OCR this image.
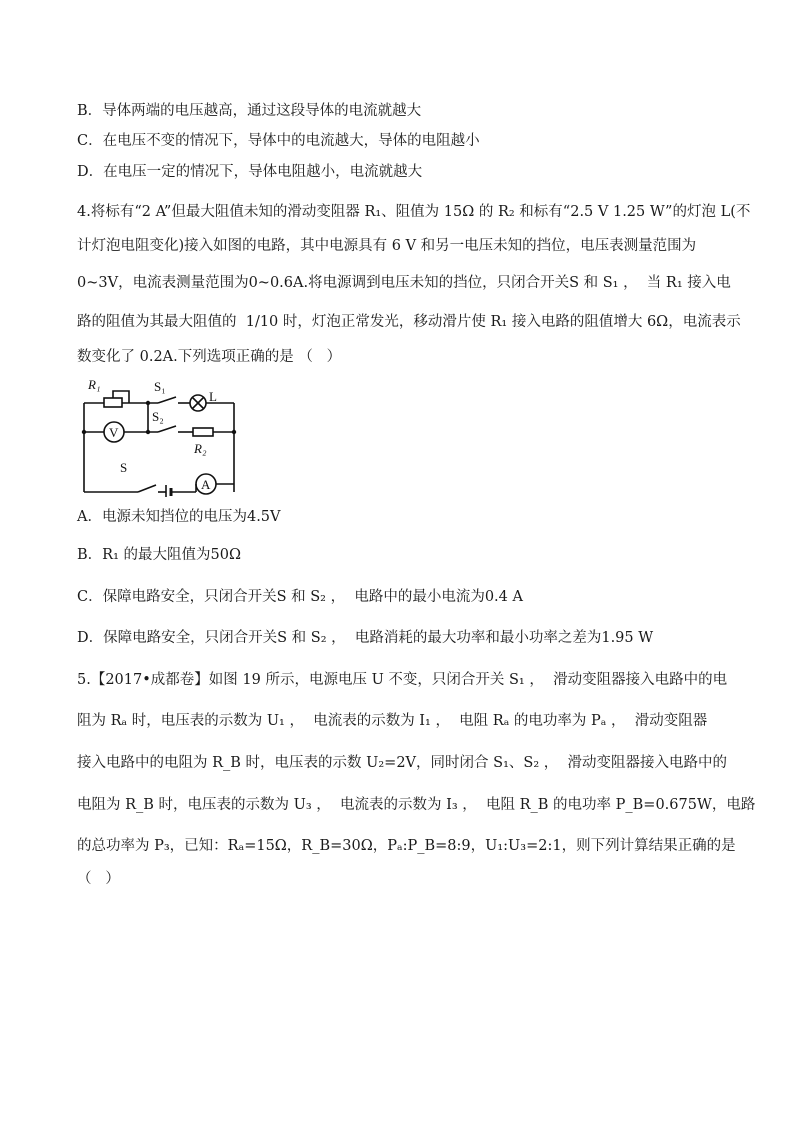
B．导体两端的电压越高，通过这段导体的电流就越大
C．在电压不变的情况下，导体中的电流越大，导体的电阻越小
D．在电压一定的情况下，导体电阻越小，电流就越大
4.将标有“2 A”但最大阻值未知的滑动变阻器 R₁、阻值为 15Ω 的 R₂ 和标有“2.5 V 1.25 W”的灯泡 L(不
计灯泡电阻变化)接入如图的电路，其中电源具有 6 V 和另一电压未知的挡位，电压表测量范围为
0~3V，电流表测量范围为0~0.6A.将电源调到电压未知的挡位，只闭合开关S 和 S₁ ，  当 R₁ 接入电
路的阻值为其最大阻值的  1/10 时，灯泡正常发光，移动滑片使 R₁ 接入电路的阻值增大 6Ω，电流表示
数变化了 0.2A.下列选项正确的是 （   ）
R₁	S₁
S₂
L
V
R₂
S
A
A．电源未知挡位的电压为4.5V
B．R₁ 的最大阻值为50Ω
C．保障电路安全，只闭合开关S 和 S₂ ，  电路中的最小电流为0.4 A
D．保障电路安全，只闭合开关S 和 S₂ ，  电路消耗的最大功率和最小功率之差为1.95 W
5.【2017•成都卷】如图 19 所示，电源电压 U 不变，只闭合开关 S₁ ，  滑动变阻器接入电路中的电
阻为 Rₐ 时，电压表的示数为 U₁ ，  电流表的示数为 I₁ ，  电阻 Rₐ 的电功率为 Pₐ ，  滑动变阻器
接入电路中的电阻为 R_B 时，电压表的示数 U₂=2V，同时闭合 S₁、S₂ ，  滑动变阻器接入电路中的
电阻为 R_B 时，电压表的示数为 U₃ ，  电流表的示数为 I₃ ，  电阻 R_B 的电功率 P_B=0.675W，电路
的总功率为 P₃，已知：Rₐ=15Ω，R_B=30Ω，Pₐ:P_B=8:9，U₁:U₃=2:1，则下列计算结果正确的是
（   ）
